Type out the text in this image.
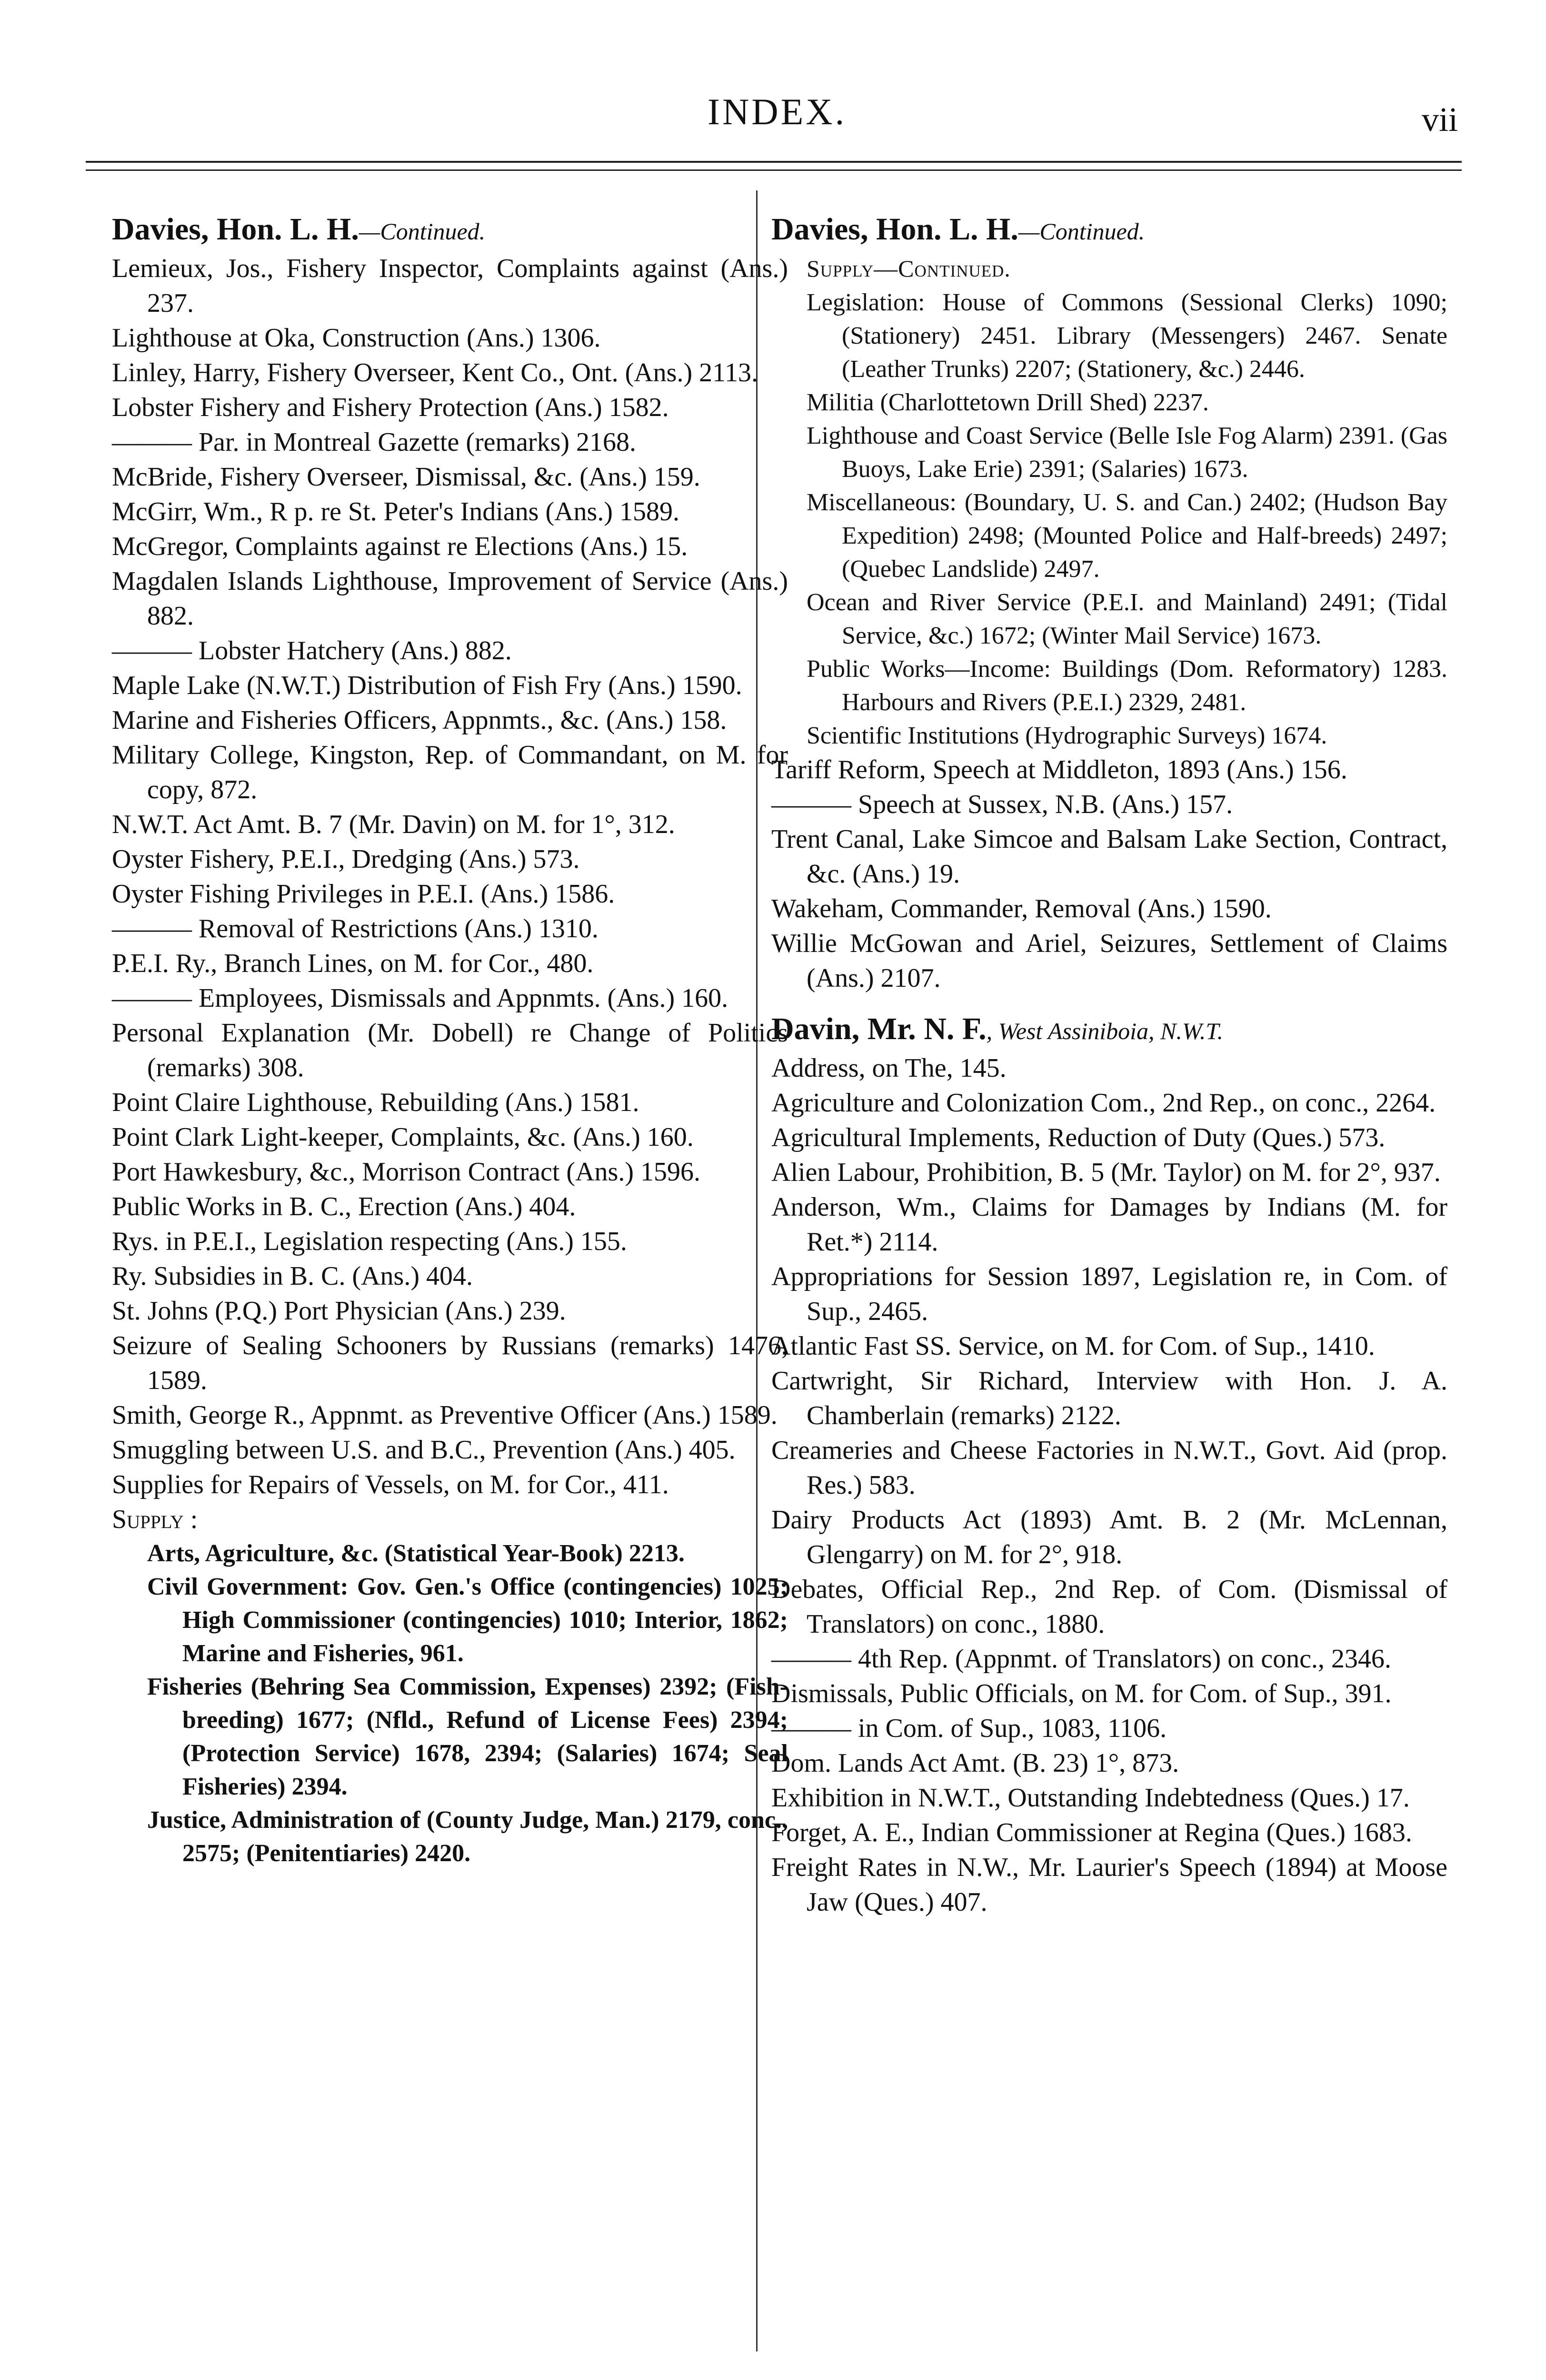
INDEX.	vii
Davies, Hon. L. H.—Continued.
Lemieux, Jos., Fishery Inspector, Complaints against (Ans.) 237.
Lighthouse at Oka, Construction (Ans.) 1306.
Linley, Harry, Fishery Overseer, Kent Co., Ont. (Ans.) 2113.
Lobster Fishery and Fishery Protection (Ans.) 1582.
——— Par. in Montreal Gazette (remarks) 2168.
McBride, Fishery Overseer, Dismissal, &c. (Ans.) 159.
McGirr, Wm., R p. re St. Peter's Indians (Ans.) 1589.
McGregor, Complaints against re Elections (Ans.) 15.
Magdalen Islands Lighthouse, Improvement of Service (Ans.) 882.
——— Lobster Hatchery (Ans.) 882.
Maple Lake (N.W.T.) Distribution of Fish Fry (Ans.) 1590.
Marine and Fisheries Officers, Appnmts., &c. (Ans.) 158.
Military College, Kingston, Rep. of Commandant, on M. for copy, 872.
N.W.T. Act Amt. B. 7 (Mr. Davin) on M. for 1°, 312.
Oyster Fishery, P.E.I., Dredging (Ans.) 573.
Oyster Fishing Privileges in P.E.I. (Ans.) 1586.
——— Removal of Restrictions (Ans.) 1310.
P.E.I. Ry., Branch Lines, on M. for Cor., 480.
——— Employees, Dismissals and Appnmts. (Ans.) 160.
Personal Explanation (Mr. Dobell) re Change of Politics (remarks) 308.
Point Claire Lighthouse, Rebuilding (Ans.) 1581.
Point Clark Light-keeper, Complaints, &c. (Ans.) 160.
Port Hawkesbury, &c., Morrison Contract (Ans.) 1596.
Public Works in B. C., Erection (Ans.) 404.
Rys. in P.E.I., Legislation respecting (Ans.) 155.
Ry. Subsidies in B. C. (Ans.) 404.
St. Johns (P.Q.) Port Physician (Ans.) 239.
Seizure of Sealing Schooners by Russians (remarks) 1476, 1589.
Smith, George R., Appnmt. as Preventive Officer (Ans.) 1589.
Smuggling between U.S. and B.C., Prevention (Ans.) 405.
Supplies for Repairs of Vessels, on M. for Cor., 411.
Supply :
Arts, Agriculture, &c. (Statistical Year-Book) 2213.
Civil Government: Gov. Gen.'s Office (contingencies) 1025; High Commissioner (contingencies) 1010; Interior, 1862; Marine and Fisheries, 961.
Fisheries (Behring Sea Commission, Expenses) 2392; (Fish-breeding) 1677; (Nfld., Refund of License Fees) 2394; (Protection Service) 1678, 2394; (Salaries) 1674; Seal Fisheries) 2394.
Justice, Administration of (County Judge, Man.) 2179, conc., 2575; (Penitentiaries) 2420.
Davies, Hon. L. H.—Continued.
Supply—Continued.
Legislation: House of Commons (Sessional Clerks) 1090; (Stationery) 2451. Library (Messengers) 2467. Senate (Leather Trunks) 2207; (Stationery, &c.) 2446.
Militia (Charlottetown Drill Shed) 2237.
Lighthouse and Coast Service (Belle Isle Fog Alarm) 2391. (Gas Buoys, Lake Erie) 2391; (Salaries) 1673.
Miscellaneous: (Boundary, U. S. and Can.) 2402; (Hudson Bay Expedition) 2498; (Mounted Police and Half-breeds) 2497; (Quebec Landslide) 2497.
Ocean and River Service (P.E.I. and Mainland) 2491; (Tidal Service, &c.) 1672; (Winter Mail Service) 1673.
Public Works—Income: Buildings (Dom. Reformatory) 1283. Harbours and Rivers (P.E.I.) 2329, 2481.
Scientific Institutions (Hydrographic Surveys) 1674.
Tariff Reform, Speech at Middleton, 1893 (Ans.) 156.
——— Speech at Sussex, N.B. (Ans.) 157.
Trent Canal, Lake Simcoe and Balsam Lake Section, Contract, &c. (Ans.) 19.
Wakeham, Commander, Removal (Ans.) 1590.
Willie McGowan and Ariel, Seizures, Settlement of Claims (Ans.) 2107.
Davin, Mr. N. F., West Assiniboia, N.W.T.
Address, on The, 145.
Agriculture and Colonization Com., 2nd Rep., on conc., 2264.
Agricultural Implements, Reduction of Duty (Ques.) 573.
Alien Labour, Prohibition, B. 5 (Mr. Taylor) on M. for 2°, 937.
Anderson, Wm., Claims for Damages by Indians (M. for Ret.*) 2114.
Appropriations for Session 1897, Legislation re, in Com. of Sup., 2465.
Atlantic Fast SS. Service, on M. for Com. of Sup., 1410.
Cartwright, Sir Richard, Interview with Hon. J. A. Chamberlain (remarks) 2122.
Creameries and Cheese Factories in N.W.T., Govt. Aid (prop. Res.) 583.
Dairy Products Act (1893) Amt. B. 2 (Mr. McLennan, Glengarry) on M. for 2°, 918.
Debates, Official Rep., 2nd Rep. of Com. (Dismissal of Translators) on conc., 1880.
——— 4th Rep. (Appnmt. of Translators) on conc., 2346.
Dismissals, Public Officials, on M. for Com. of Sup., 391.
——— in Com. of Sup., 1083, 1106.
Dom. Lands Act Amt. (B. 23) 1°, 873.
Exhibition in N.W.T., Outstanding Indebtedness (Ques.) 17.
Forget, A. E., Indian Commissioner at Regina (Ques.) 1683.
Freight Rates in N.W., Mr. Laurier's Speech (1894) at Moose Jaw (Ques.) 407.
